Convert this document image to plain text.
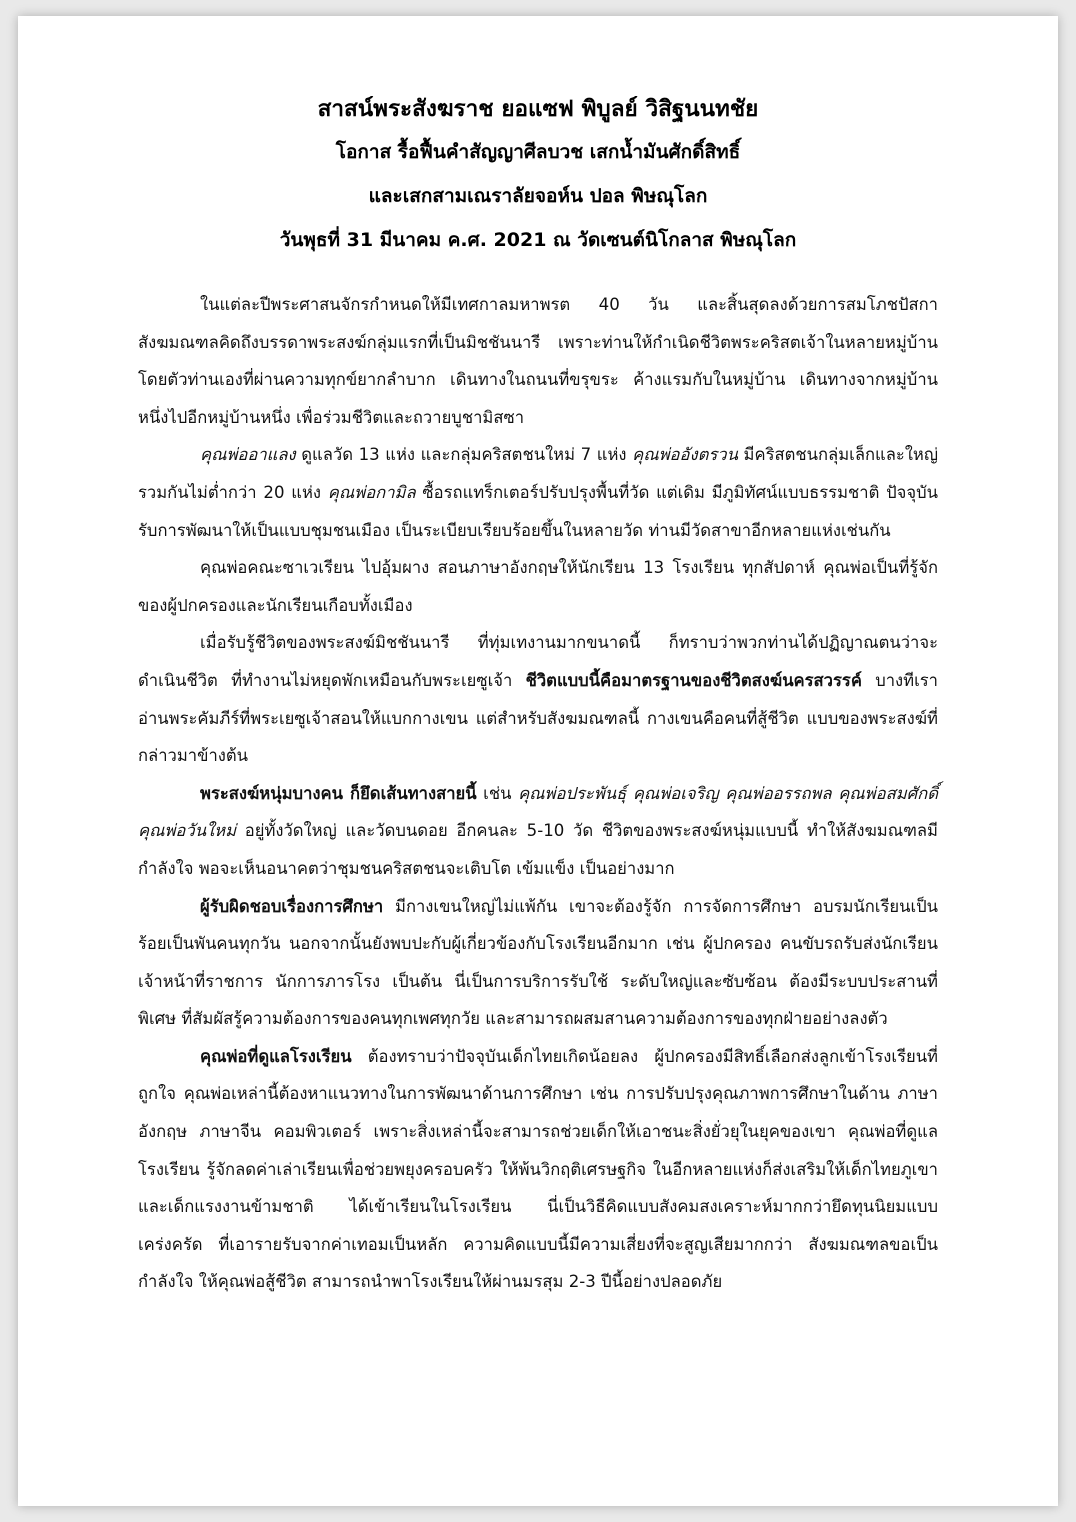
สาสน์พระสังฆราช ยอแซฟ พิบูลย์ วิสิฐนนทชัย
โอกาส รื้อฟื้นคำสัญญาศีลบวช เสกน้ำมันศักดิ์สิทธิ์
และเสกสามเณราลัยจอห์น ปอล พิษณุโลก
วันพุธที่ 31 มีนาคม ค.ศ. 2021 ณ วัดเซนต์นิโกลาส พิษณุโลก

ในแต่ละปีพระศาสนจักรกำหนดให้มีเทศกาลมหาพรต 40 วัน และสิ้นสุดลงด้วยการสมโภชปัสกา สังฆมณฑลคิดถึงบรรดาพระสงฆ์กลุ่มแรกที่เป็นมิชชันนารี เพราะท่านให้กำเนิดชีวิตพระคริสตเจ้าในหลายหมู่บ้าน โดยตัวท่านเองที่ผ่านความทุกข์ยากลำบาก เดินทางในถนนที่ขรุขระ ค้างแรมกับในหมู่บ้าน เดินทางจากหมู่บ้านหนึ่งไปอีกหมู่บ้านหนึ่ง เพื่อร่วมชีวิตและถวายบูชามิสซา

คุณพ่ออาแลง ดูแลวัด 13 แห่ง และกลุ่มคริสตชนใหม่ 7 แห่ง คุณพ่ออังตรวน มีคริสตชนกลุ่มเล็กและใหญ่ รวมกันไม่ต่ำกว่า 20 แห่ง คุณพ่อกามิล ซื้อรถแทร็กเตอร์ปรับปรุงพื้นที่วัด แต่เดิม มีภูมิทัศน์แบบธรรมชาติ ปัจจุบันรับการพัฒนาให้เป็นแบบชุมชนเมือง เป็นระเบียบเรียบร้อยขึ้นในหลายวัด ท่านมีวัดสาขาอีกหลายแห่งเช่นกัน

คุณพ่อคณะซาเวเรียน ไปอุ้มผาง สอนภาษาอังกฤษให้นักเรียน 13 โรงเรียน ทุกสัปดาห์ คุณพ่อเป็นที่รู้จักของผู้ปกครองและนักเรียนเกือบทั้งเมือง

เมื่อรับรู้ชีวิตของพระสงฆ์มิชชันนารี ที่ทุ่มเทงานมากขนาดนี้ ก็ทราบว่าพวกท่านได้ปฏิญาณตนว่าจะดำเนินชีวิต ที่ทำงานไม่หยุดพักเหมือนกับพระเยซูเจ้า ชีวิตแบบนี้คือมาตรฐานของชีวิตสงฆ์นครสวรรค์ บางทีเราอ่านพระคัมภีร์ที่พระเยซูเจ้าสอนให้แบกกางเขน แต่สำหรับสังฆมณฑลนี้ กางเขนคือคนที่สู้ชีวิต แบบของพระสงฆ์ที่กล่าวมาข้างต้น

พระสงฆ์หนุ่มบางคน ก็ยึดเส้นทางสายนี้ เช่น คุณพ่อประพันธุ์ คุณพ่อเจริญ คุณพ่ออรรถพล คุณพ่อสมศักดิ์ คุณพ่อวันใหม่ อยู่ทั้งวัดใหญ่ และวัดบนดอย อีกคนละ 5-10 วัด ชีวิตของพระสงฆ์หนุ่มแบบนี้ ทำให้สังฆมณฑลมีกำลังใจ พอจะเห็นอนาคตว่าชุมชนคริสตชนจะเติบโต เข้มแข็ง เป็นอย่างมาก

ผู้รับผิดชอบเรื่องการศึกษา มีกางเขนใหญ่ไม่แพ้กัน เขาจะต้องรู้จัก การจัดการศึกษา อบรมนักเรียนเป็นร้อยเป็นพันคนทุกวัน นอกจากนั้นยังพบปะกับผู้เกี่ยวข้องกับโรงเรียนอีกมาก เช่น ผู้ปกครอง คนขับรถรับส่งนักเรียน เจ้าหน้าที่ราชการ นักการภารโรง เป็นต้น นี่เป็นการบริการรับใช้ ระดับใหญ่และซับซ้อน ต้องมีระบบประสานที่พิเศษ ที่สัมผัสรู้ความต้องการของคนทุกเพศทุกวัย และสามารถผสมสานความต้องการของทุกฝ่ายอย่างลงตัว

คุณพ่อที่ดูแลโรงเรียน ต้องทราบว่าปัจจุบันเด็กไทยเกิดน้อยลง ผู้ปกครองมีสิทธิ์เลือกส่งลูกเข้าโรงเรียนที่ถูกใจ คุณพ่อเหล่านี้ต้องหาแนวทางในการพัฒนาด้านการศึกษา เช่น การปรับปรุงคุณภาพการศึกษาในด้าน ภาษาอังกฤษ ภาษาจีน คอมพิวเตอร์ เพราะสิ่งเหล่านี้จะสามารถช่วยเด็กให้เอาชนะสิ่งยั่วยุในยุคของเขา คุณพ่อที่ดูแลโรงเรียน รู้จักลดค่าเล่าเรียนเพื่อช่วยพยุงครอบครัว ให้พ้นวิกฤติเศรษฐกิจ ในอีกหลายแห่งก็ส่งเสริมให้เด็กไทยภูเขา และเด็กแรงงานข้ามชาติ ได้เข้าเรียนในโรงเรียน นี่เป็นวิธีคิดแบบสังคมสงเคราะห์มากกว่ายึดทุนนิยมแบบเคร่งครัด ที่เอารายรับจากค่าเทอมเป็นหลัก ความคิดแบบนี้มีความเสี่ยงที่จะสูญเสียมากกว่า สังฆมณฑลขอเป็นกำลังใจ ให้คุณพ่อสู้ชีวิต สามารถนำพาโรงเรียนให้ผ่านมรสุม 2-3 ปีนี้อย่างปลอดภัย
